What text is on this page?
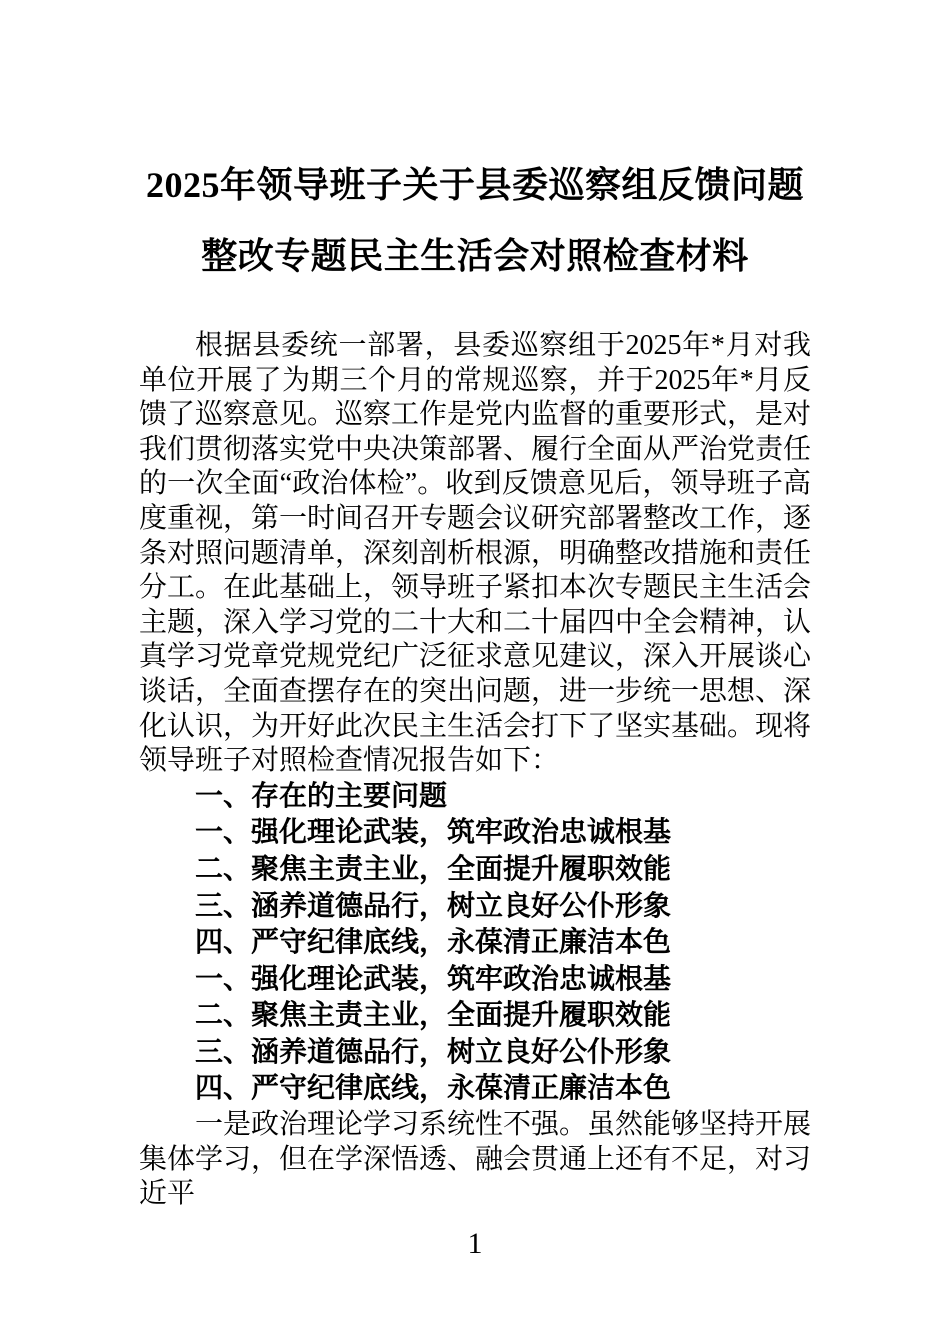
2025年领导班子关于县委巡察组反馈问题
整改专题民主生活会对照检查材料

根据县委统一部署，县委巡察组于2025年*月对我单位开展了为期三个月的常规巡察，并于2025年*月反馈了巡察意见。巡察工作是党内监督的重要形式，是对我们贯彻落实党中央决策部署、履行全面从严治党责任的一次全面“政治体检”。收到反馈意见后，领导班子高度重视，第一时间召开专题会议研究部署整改工作，逐条对照问题清单，深刻剖析根源，明确整改措施和责任分工。在此基础上，领导班子紧扣本次专题民主生活会主题，深入学习党的二十大和二十届四中全会精神，认真学习党章党规党纪广泛征求意见建议，深入开展谈心谈话，全面查摆存在的突出问题，进一步统一思想、深化认识，为开好此次民主生活会打下了坚实基础。现将领导班子对照检查情况报告如下：

一、存在的主要问题
一、强化理论武装，筑牢政治忠诚根基
二、聚焦主责主业，全面提升履职效能
三、涵养道德品行，树立良好公仆形象
四、严守纪律底线，永葆清正廉洁本色
一、强化理论武装，筑牢政治忠诚根基
二、聚焦主责主业，全面提升履职效能
三、涵养道德品行，树立良好公仆形象
四、严守纪律底线，永葆清正廉洁本色

一是政治理论学习系统性不强。虽然能够坚持开展集体学习，但在学深悟透、融会贯通上还有不足，对习近平

1
